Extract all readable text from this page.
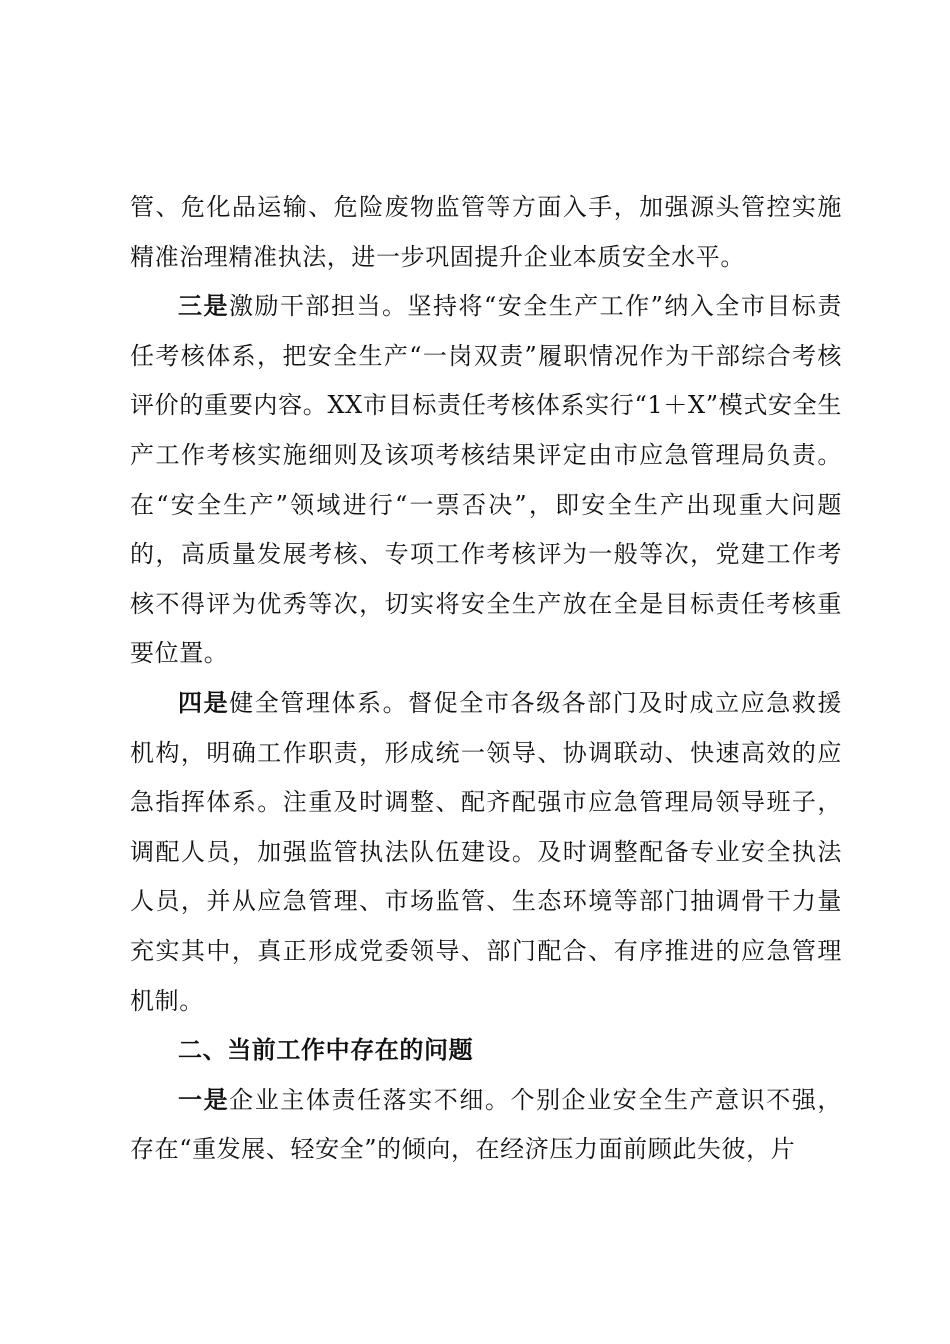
管、危化品运输、危险废物监管等方面入手，加强源头管控实施精准治理精准执法，进一步巩固提升企业本质安全水平。

三是激励干部担当。坚持将“安全生产工作”纳入全市目标责任考核体系，把安全生产“一岗双责”履职情况作为干部综合考核评价的重要内容。XX市目标责任考核体系实行“1＋X”模式安全生产工作考核实施细则及该项考核结果评定由市应急管理局负责。在“安全生产”领域进行“一票否决”，即安全生产出现重大问题的，高质量发展考核、专项工作考核评为一般等次，党建工作考核不得评为优秀等次，切实将安全生产放在全是目标责任考核重要位置。

四是健全管理体系。督促全市各级各部门及时成立应急救援机构，明确工作职责，形成统一领导、协调联动、快速高效的应急指挥体系。注重及时调整、配齐配强市应急管理局领导班子，调配人员，加强监管执法队伍建设。及时调整配备专业安全执法人员，并从应急管理、市场监管、生态环境等部门抽调骨干力量充实其中，真正形成党委领导、部门配合、有序推进的应急管理机制。

二、当前工作中存在的问题

一是企业主体责任落实不细。个别企业安全生产意识不强，存在“重发展、轻安全”的倾向，在经济压力面前顾此失彼，片
